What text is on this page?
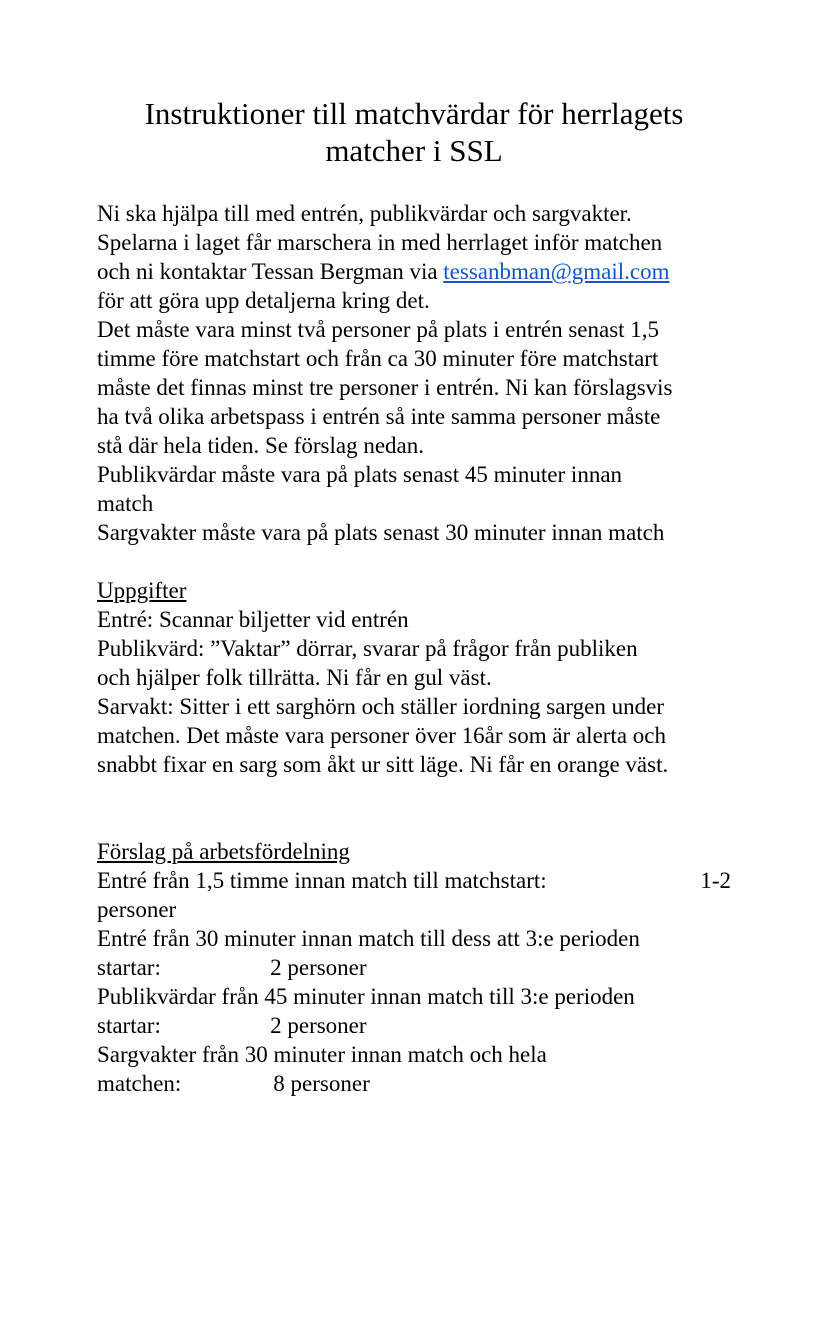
Instruktioner till matchvärdar för herrlagets
matcher i SSL
Ni ska hjälpa till med entrén, publikvärdar och sargvakter.
Spelarna i laget får marschera in med herrlaget inför matchen
och ni kontaktar Tessan Bergman via tessanbman@gmail.com
för att göra upp detaljerna kring det.
Det måste vara minst två personer på plats i entrén senast 1,5
timme före matchstart och från ca 30 minuter före matchstart
måste det finnas minst tre personer i entrén. Ni kan förslagsvis
ha två olika arbetspass i entrén så inte samma personer måste
stå där hela tiden. Se förslag nedan.
Publikvärdar måste vara på plats senast 45 minuter innan
match
Sargvakter måste vara på plats senast 30 minuter innan match

Uppgifter
Entré: Scannar biljetter vid entrén
Publikvärd: ”Vaktar” dörrar, svarar på frågor från publiken
och hjälper folk tillrätta. Ni får en gul väst.
Sarvakt: Sitter i ett sarghörn och ställer iordning sargen under
matchen. Det måste vara personer över 16år som är alerta och
snabbt fixar en sarg som åkt ur sitt läge. Ni får en orange väst.

Förslag på arbetsfördelning
Entré från 1,5 timme innan match till matchstart:	1-2
personer
Entré från 30 minuter innan match till dess att 3:e perioden
startar:                   2 personer
Publikvärdar från 45 minuter innan match till 3:e perioden
startar:                   2 personer
Sargvakter från 30 minuter innan match och hela
matchen:                8 personer
